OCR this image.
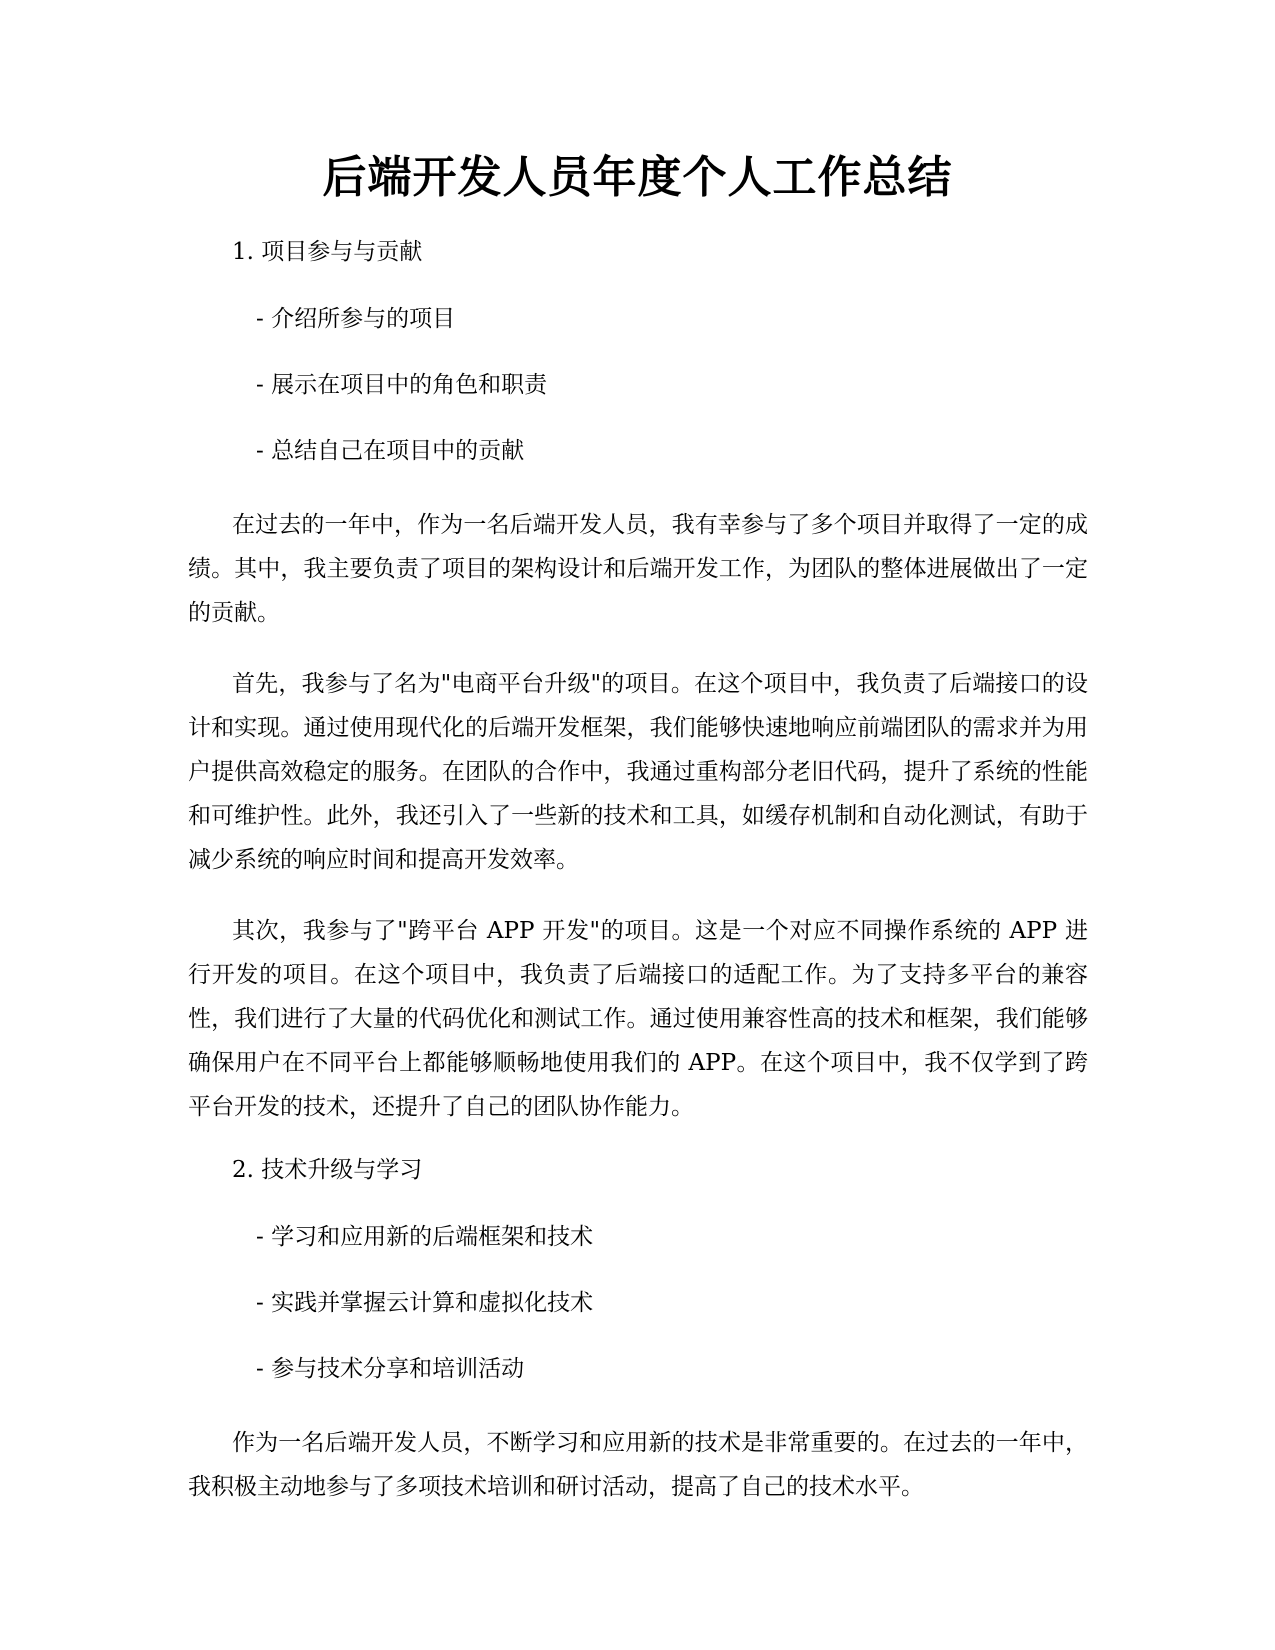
后端开发人员年度个人工作总结
1. 项目参与与贡献
- 介绍所参与的项目
- 展示在项目中的角色和职责
- 总结自己在项目中的贡献

在过去的一年中，作为一名后端开发人员，我有幸参与了多个项目并取得了一定的成绩。其中，我主要负责了项目的架构设计和后端开发工作，为团队的整体进展做出了一定的贡献。

首先，我参与了名为"电商平台升级"的项目。在这个项目中，我负责了后端接口的设计和实现。通过使用现代化的后端开发框架，我们能够快速地响应前端团队的需求并为用户提供高效稳定的服务。在团队的合作中，我通过重构部分老旧代码，提升了系统的性能和可维护性。此外，我还引入了一些新的技术和工具，如缓存机制和自动化测试，有助于减少系统的响应时间和提高开发效率。

其次，我参与了"跨平台 APP 开发"的项目。这是一个对应不同操作系统的 APP 进行开发的项目。在这个项目中，我负责了后端接口的适配工作。为了支持多平台的兼容性，我们进行了大量的代码优化和测试工作。通过使用兼容性高的技术和框架，我们能够确保用户在不同平台上都能够顺畅地使用我们的 APP。在这个项目中，我不仅学到了跨平台开发的技术，还提升了自己的团队协作能力。

2. 技术升级与学习
- 学习和应用新的后端框架和技术
- 实践并掌握云计算和虚拟化技术
- 参与技术分享和培训活动

作为一名后端开发人员，不断学习和应用新的技术是非常重要的。在过去的一年中，我积极主动地参与了多项技术培训和研讨活动，提高了自己的技术水平。
